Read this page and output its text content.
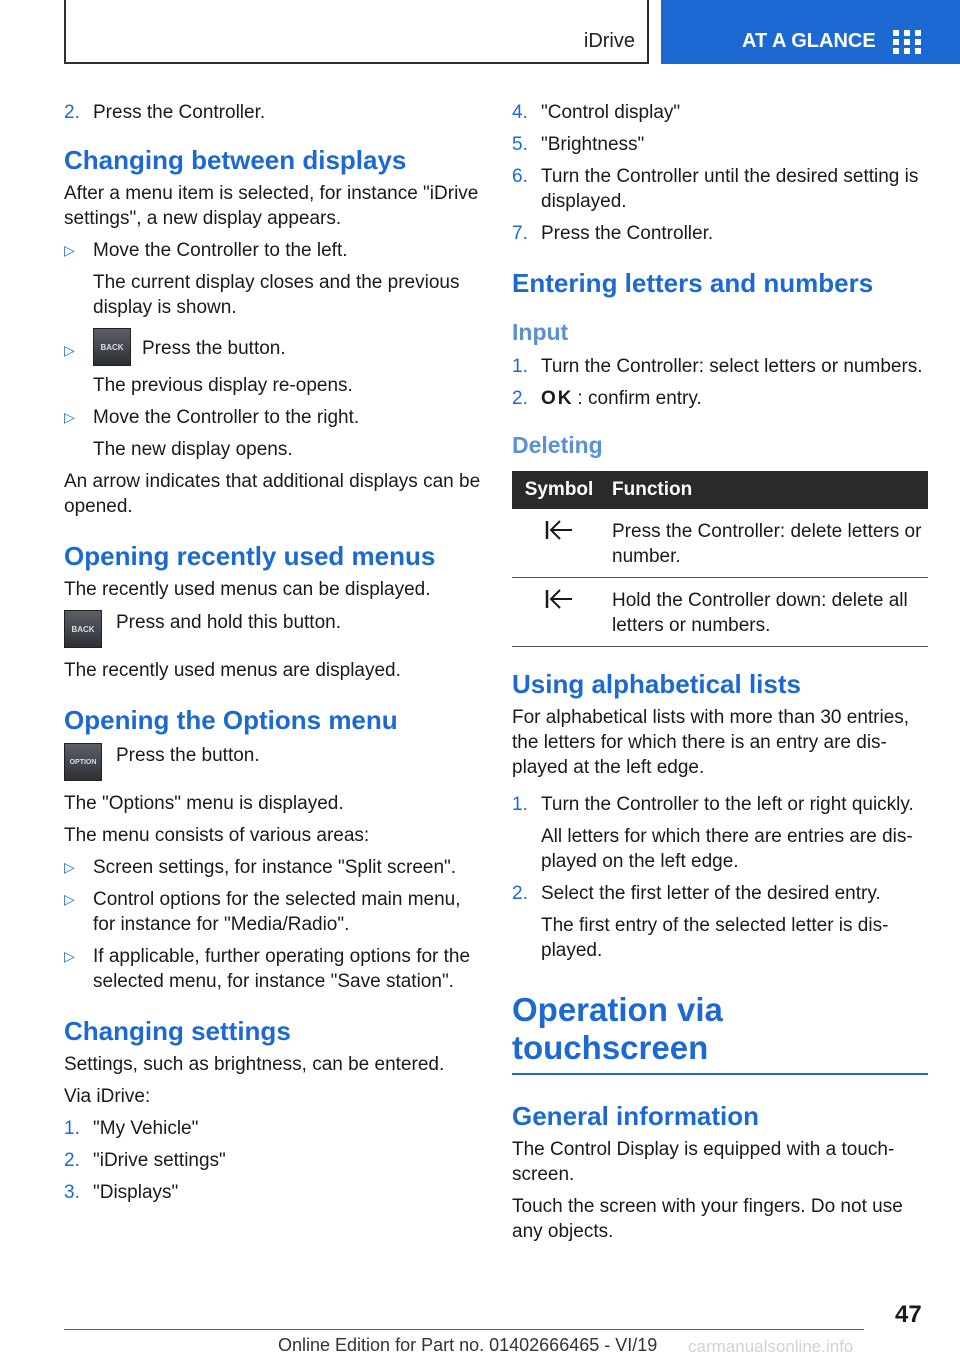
iDrive	AT A GLANCE
2. Press the Controller.
Changing between displays

After a menu item is selected, for instance "iDrive settings", a new display appears.

▷ Move the Controller to the left.
The current display closes and the previous display is shown.
▷	BACK Press the button.
The previous display re-opens.
▷ Move the Controller to the right.
The new display opens.

An arrow indicates that additional displays can be opened.

Opening recently used menus

The recently used menus can be displayed.

BACK	Press and hold this button.

The recently used menus are displayed.

Opening the Options menu
OPTION Press the button.

The "Options" menu is displayed.

The menu consists of various areas:

▷ Screen settings, for instance "Split screen".
▷ Control options for the selected main menu, for instance for "Media/Radio".
▷ If applicable, further operating options for the selected menu, for instance "Save station".
Changing settings

Settings, such as brightness, can be entered.

Via iDrive:

1. "My Vehicle"
2. "iDrive settings"
3. "Displays"
4. "Control display"
5. "Brightness"
6. Turn the Controller until the desired setting is displayed.
7. Press the Controller.
Entering letters and numbers
Input
1. Turn the Controller: select letters or numbers.
2. OK : confirm entry.
Deleting
Symbol	Function
	Press the Controller: delete letters or number.
	Hold the Controller down: delete all letters or numbers.
Using alphabetical lists

For alphabetical lists with more than 30 entries, the letters for which there is an entry are dis‐ played at the left edge.

1. Turn the Controller to the left or right quickly.
All letters for which there are entries are dis‐ played on the left edge.
2. Select the first letter of the desired entry.
The first entry of the selected letter is dis‐ played.
Operation via touchscreen
General information

The Control Display is equipped with a touch‐ screen.

Touch the screen with your fingers. Do not use any objects.

47
Online Edition for Part no. 01402666465 - VI/19 carmanualsonline.info
